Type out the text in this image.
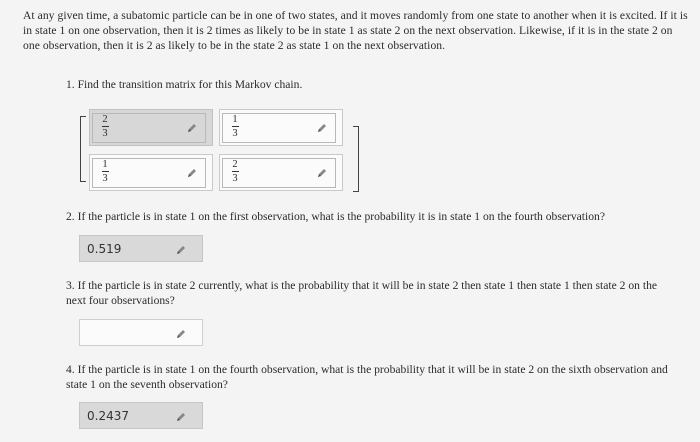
At any given time, a subatomic particle can be in one of two states, and it moves randomly from one state to another when it is excited. If it is in state 1 on one observation, then it is 2 times as likely to be in state 1 as state 2 on the next observation. Likewise, if it is in the state 2 on one observation, then it is 2 as likely to be in the state 2 as state 1 on the next observation.
1. Find the transition matrix for this Markov chain.
2
3
1
3
1
3
2
3
2. If the particle is in state 1 on the first observation, what is the probability it is in state 1 on the fourth observation?
0.519
3. If the particle is in state 2 currently, what is the probability that it will be in state 2 then state 1 then state 1 then state 2 on the next four observations?
4. If the particle is in state 1 on the fourth observation, what is the probability that it will be in state 2 on the sixth observation and state 1 on the seventh observation?
0.2437
